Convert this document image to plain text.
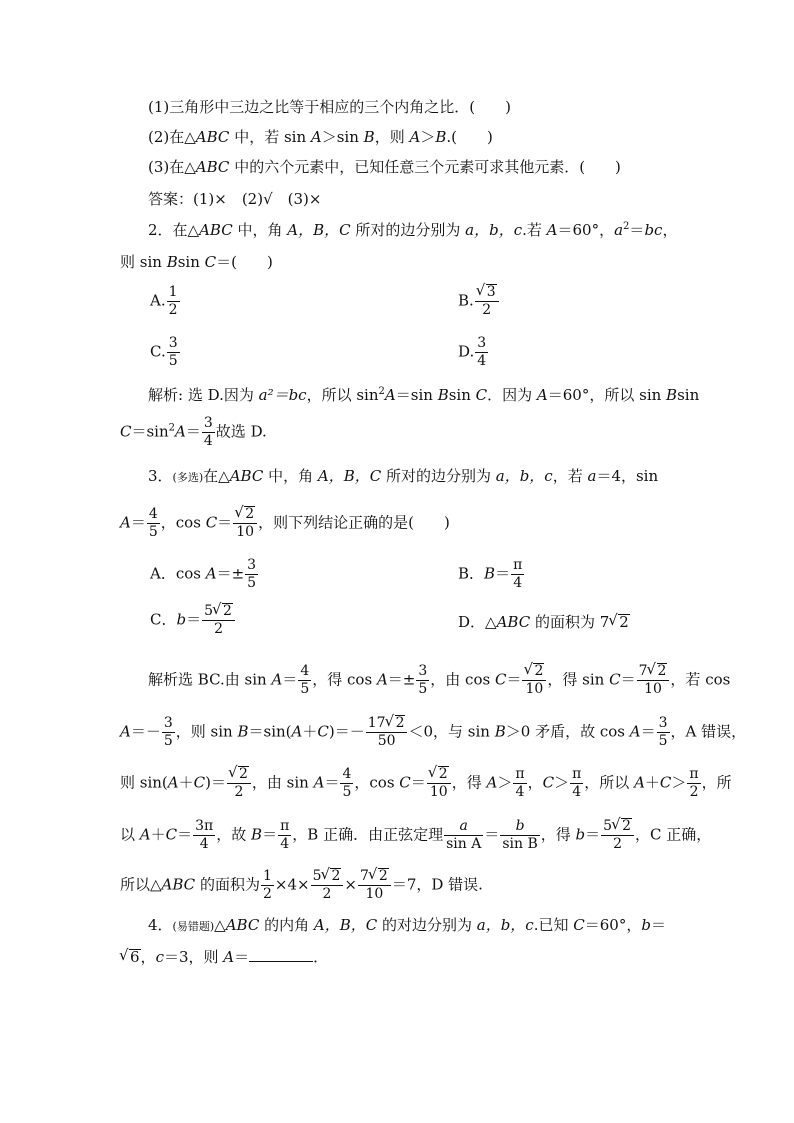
(1)三角形中三边之比等于相应的三个内角之比．(　　)
(2)在△ABC 中，若 sin A＞sin B，则 A＞B.(　　)
(3)在△ABC 中的六个元素中，已知任意三个元素可求其他元素．(　　)
答案：(1)×　(2)√　(3)×
2．在△ABC 中，角 A，B，C 所对的边分别为 a，b，c.若 A＝60°，$a^2=bc$，
则 sin Bsin C＝(　　)
A. $\frac{1}{2}$	B. √ $\frac{3}{2}$
C. $\frac{3}{5}$	D. $\frac{3}{4}$
解析: 选 D.因为 a²＝bc，所以 $\sin^2A=\sin$ Bsin C．因为 A＝60°，所以 sin Bsin
$C=\sin^2A= \frac{3}{4}$ 故选 D.
3．(多选)在△ABC 中，角 A，B，C 所对的边分别为 a，b，c，若 a＝4，sin
$A= \frac{4}{5}$ ，cos C＝ √ $\frac{2}{10}$ ，则下列结论正确的是(　　)
A．$\cos A=\pm \frac{3}{5}$	B．$B= \frac{\pi}{4}$
C．$b= \frac{5 √ 2}{2}$	D．△ABC 的面积为 7 √ 2
解析选 BC.由 $\sin A= \frac{4}{5}$ ，得 $\cos A=\pm \frac{3}{5}$ ，由 cos C＝ √ $\frac{2}{10}$ ，得 $\sin C= \frac{7 √ 2}{10}$ ，若 cos
$A=- \frac{3}{5}$ ，则 $\sin B=\sin(A+C)=- \frac{17 √ 2}{50} <0$，与 sin B＞0 矛盾，故 $\cos A= \frac{3}{5}$ ，A 错误，
则 sin(A＋C)＝ √ $\frac{2}{2}$ ，由 $\sin A= \frac{4}{5}$ ，cos C＝ √ $\frac{2}{10}$ ，得 $A> \frac{\pi}{4}$ ，$C> \frac{\pi}{4}$ ，所以 $A+C> \frac{\pi}{2}$ ，所
以 $A+C= \frac{3\pi}{4}$ ，故 $B= \frac{\pi}{4}$ ，B 正确．由正弦定理 $\frac{a}{\text{sin A}} = \frac{b}{\text{sin B}}$ ，得 $b= \frac{5 √ 2}{2}$ ，C 正确，
所以△ABC 的面积为 $\frac{1}{2} \times 4\times \frac{5 √ 2}{2} \times \frac{7 √ 2}{10} =7$，D 错误.
4．(易错题)△ABC 的内角 A，B，C 的对边分别为 a，b，c.已知 C＝60°，b＝
√ 6，c＝3，则 A＝	．
